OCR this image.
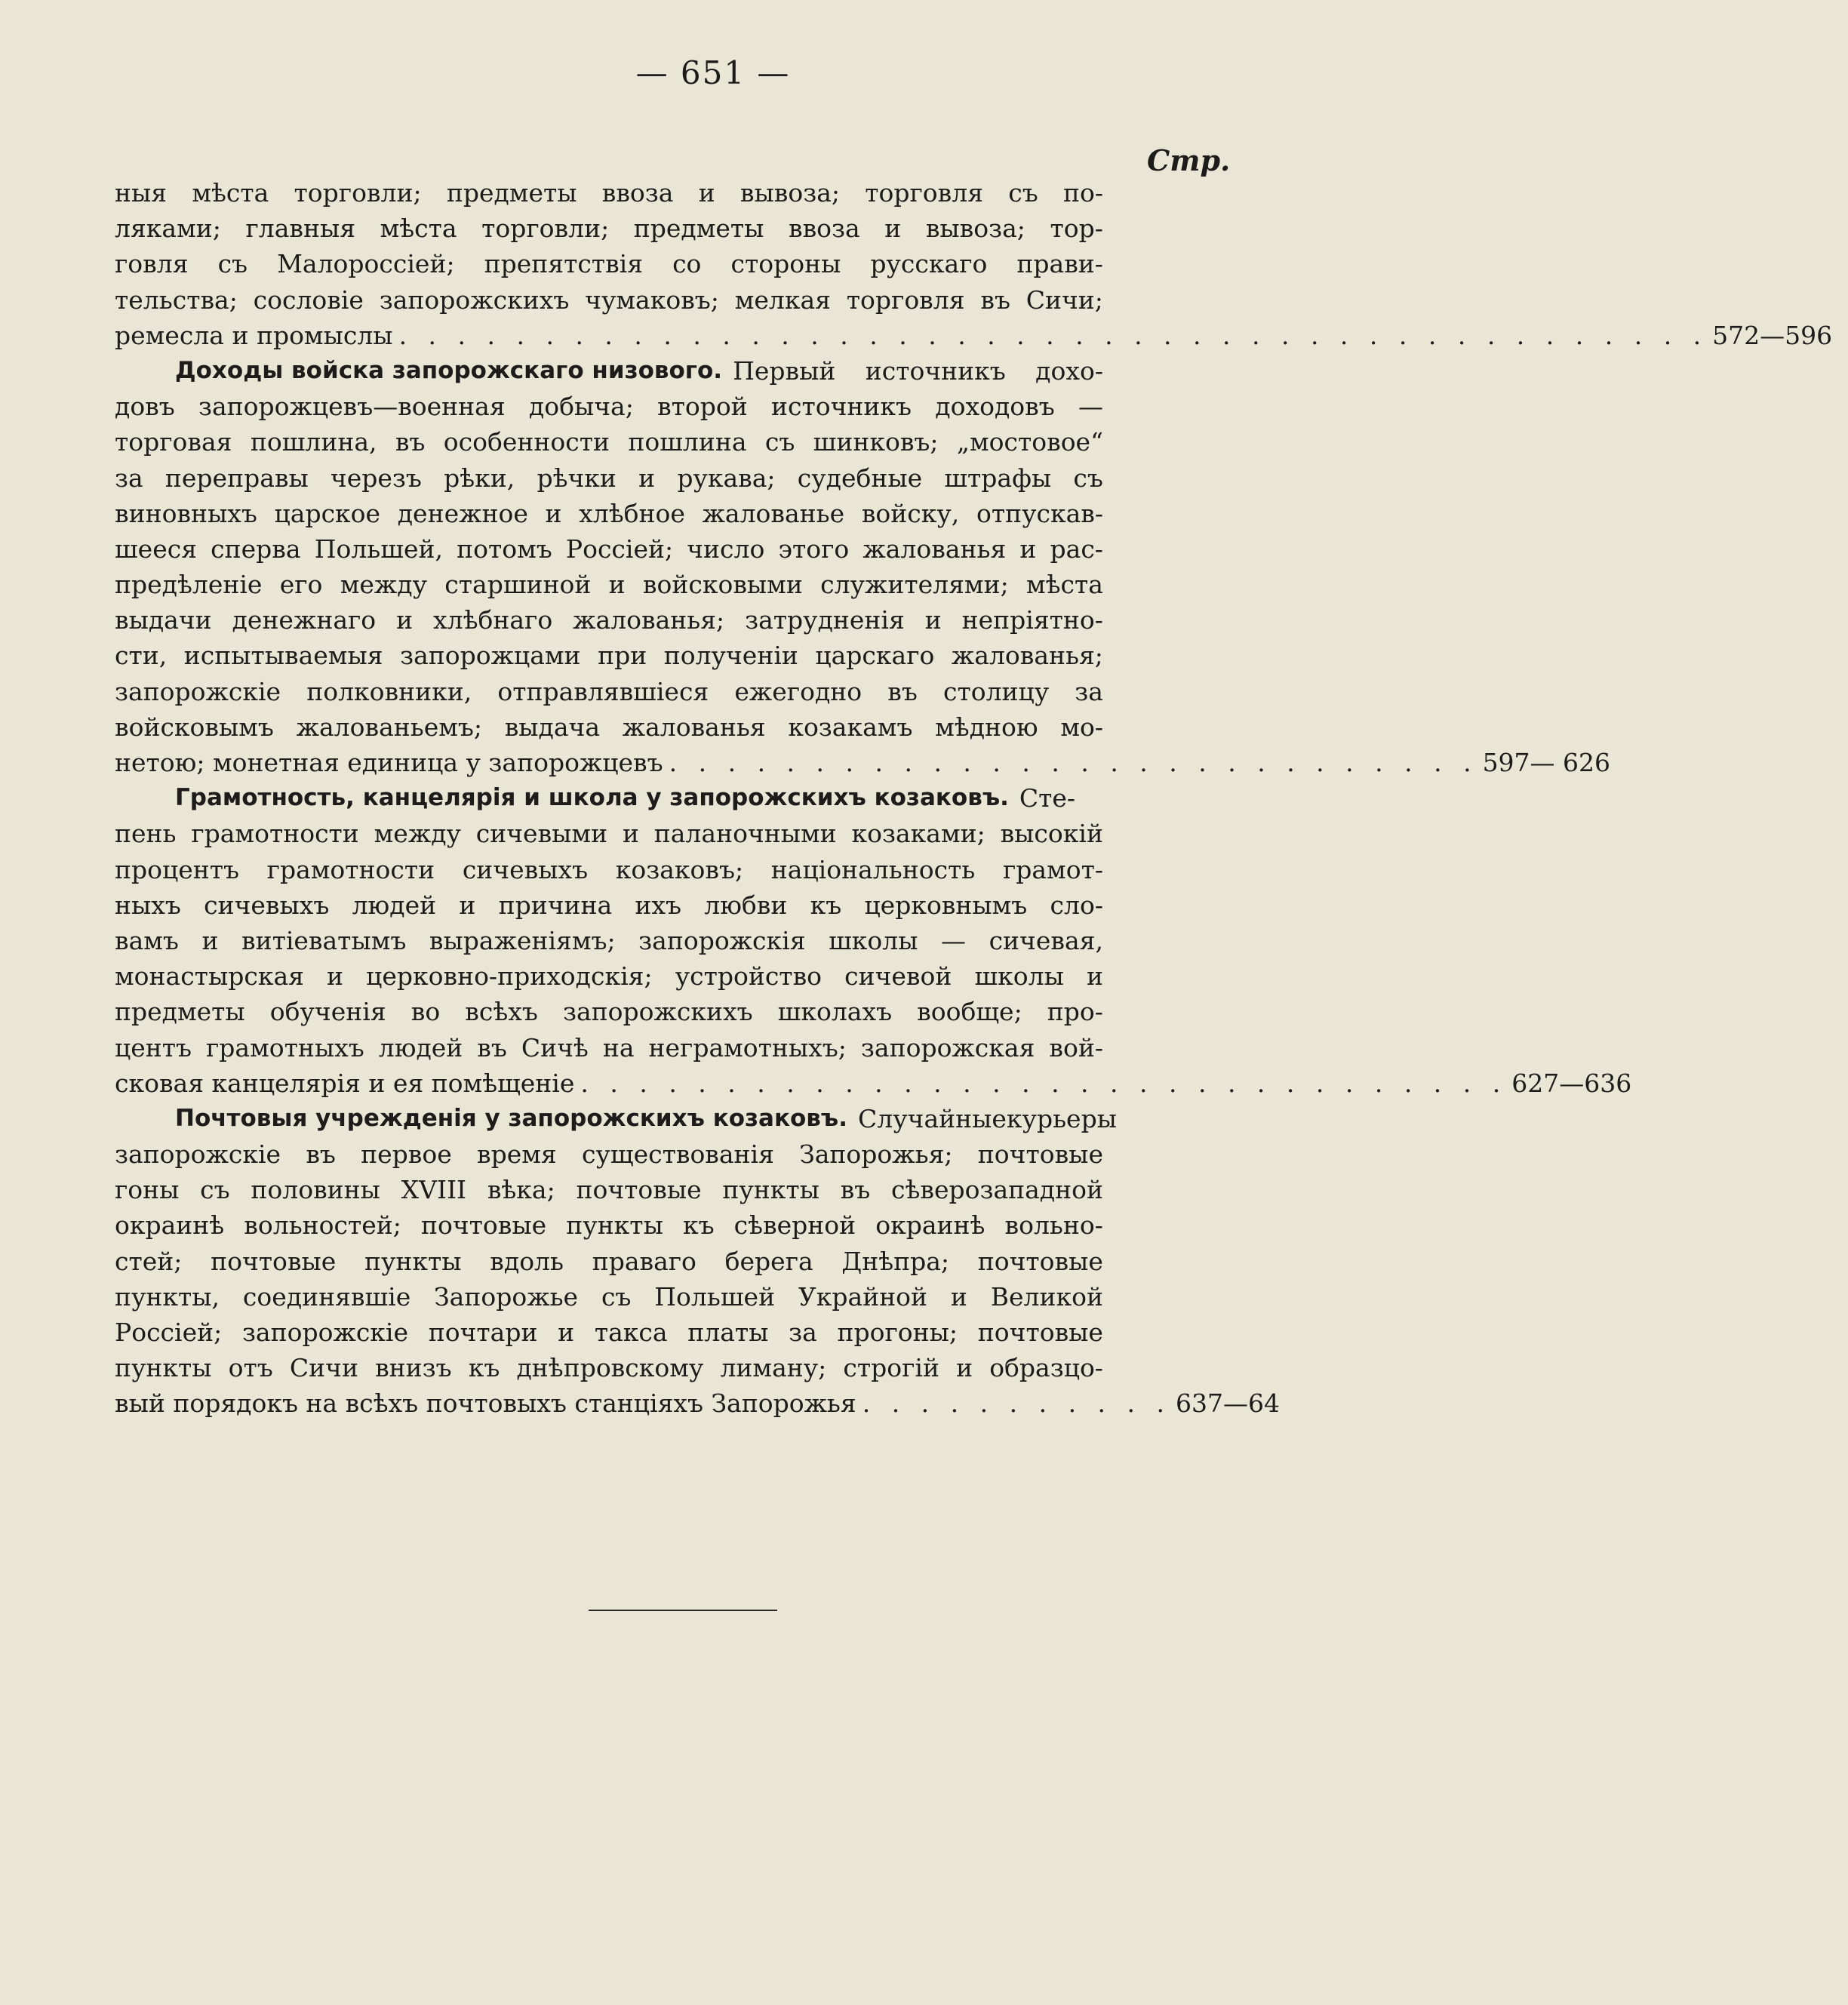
— 651 —
Стр.
ныя мѣста торговли; предметы ввоза и вывоза; торговля съ по-
ляками; главныя мѣста торговли; предметы ввоза и вывоза; тор-
говля съ Малороссіей; препятствія со стороны русскаго прави-
тельства; сословіе запорожскихъ чумаковъ; мелкая торговля въ Сичи;
ремесла и промыслы . . . . . . . . . . . . . . . . . . . . . . . . . . . . . . . . . . . . . . . . . . . . . 572—596
Доходы войска запорожскаго низового. Первый источникъ дохо-
довъ запорожцевъ—военная добыча; второй источникъ доходовъ —
торговая пошлина, въ особенности пошлина съ шинковъ; „мостовое“
за переправы черезъ рѣки, рѣчки и рукава; судебные штрафы съ
виновныхъ царское денежное и хлѣбное жалованье войску, отпускав-
шееся сперва Польшей, потомъ Россіей; число этого жалованья и рас-
предѣленіе его между старшиной и войсковыми служителями; мѣста
выдачи денежнаго и хлѣбнаго жалованья; затрудненія и непріятно-
сти, испытываемыя запорожцами при полученіи царскаго жалованья;
запорожскіе полковники, отправлявшіеся ежегодно въ столицу за
войсковымъ жалованьемъ; выдача жалованья козакамъ мѣдною мо-
нетою; монетная единица у запорожцевъ . . . . . . . . . . . . . . . . . . . . . . . . . . . . 597— 626
Грамотность, канцелярія и школа у запорожскихъ козаковъ. Сте-
пень грамотности между сичевыми и паланочными козаками; высокій
процентъ грамотности сичевыхъ козаковъ; національность грамот-
ныхъ сичевыхъ людей и причина ихъ любви къ церковнымъ сло-
вамъ и витіеватымъ выраженіямъ; запорожскія школы — сичевая,
монастырская и церковно-приходскія; устройство сичевой школы и
предметы обученія во всѣхъ запорожскихъ школахъ вообще; про-
центъ грамотныхъ людей въ Сичѣ на неграмотныхъ; запорожская вой-
сковая канцелярія и ея помѣщеніе . . . . . . . . . . . . . . . . . . . . . . . . . . . . . . . . 627—636
Почтовыя учрежденія у запорожскихъ козаковъ. Случайные курьеры
запорожскіе въ первое время существованія Запорожья; почтовые
гоны съ половины XVIII вѣка; почтовые пункты въ сѣверозападной
окраинѣ вольностей; почтовые пункты къ сѣверной окраинѣ вольно-
стей; почтовые пункты вдоль праваго берега Днѣпра; почтовые
пункты, соединявшіе Запорожье съ Польшей Украйной и Великой
Россіей; запорожскіе почтари и такса платы за прогоны; почтовые
пункты отъ Сичи внизъ къ днѣпровскому лиману; строгій и образцо-
вый порядокъ на всѣхъ почтовыхъ станціяхъ Запорожья . . . . . . . . . . . 637—64
